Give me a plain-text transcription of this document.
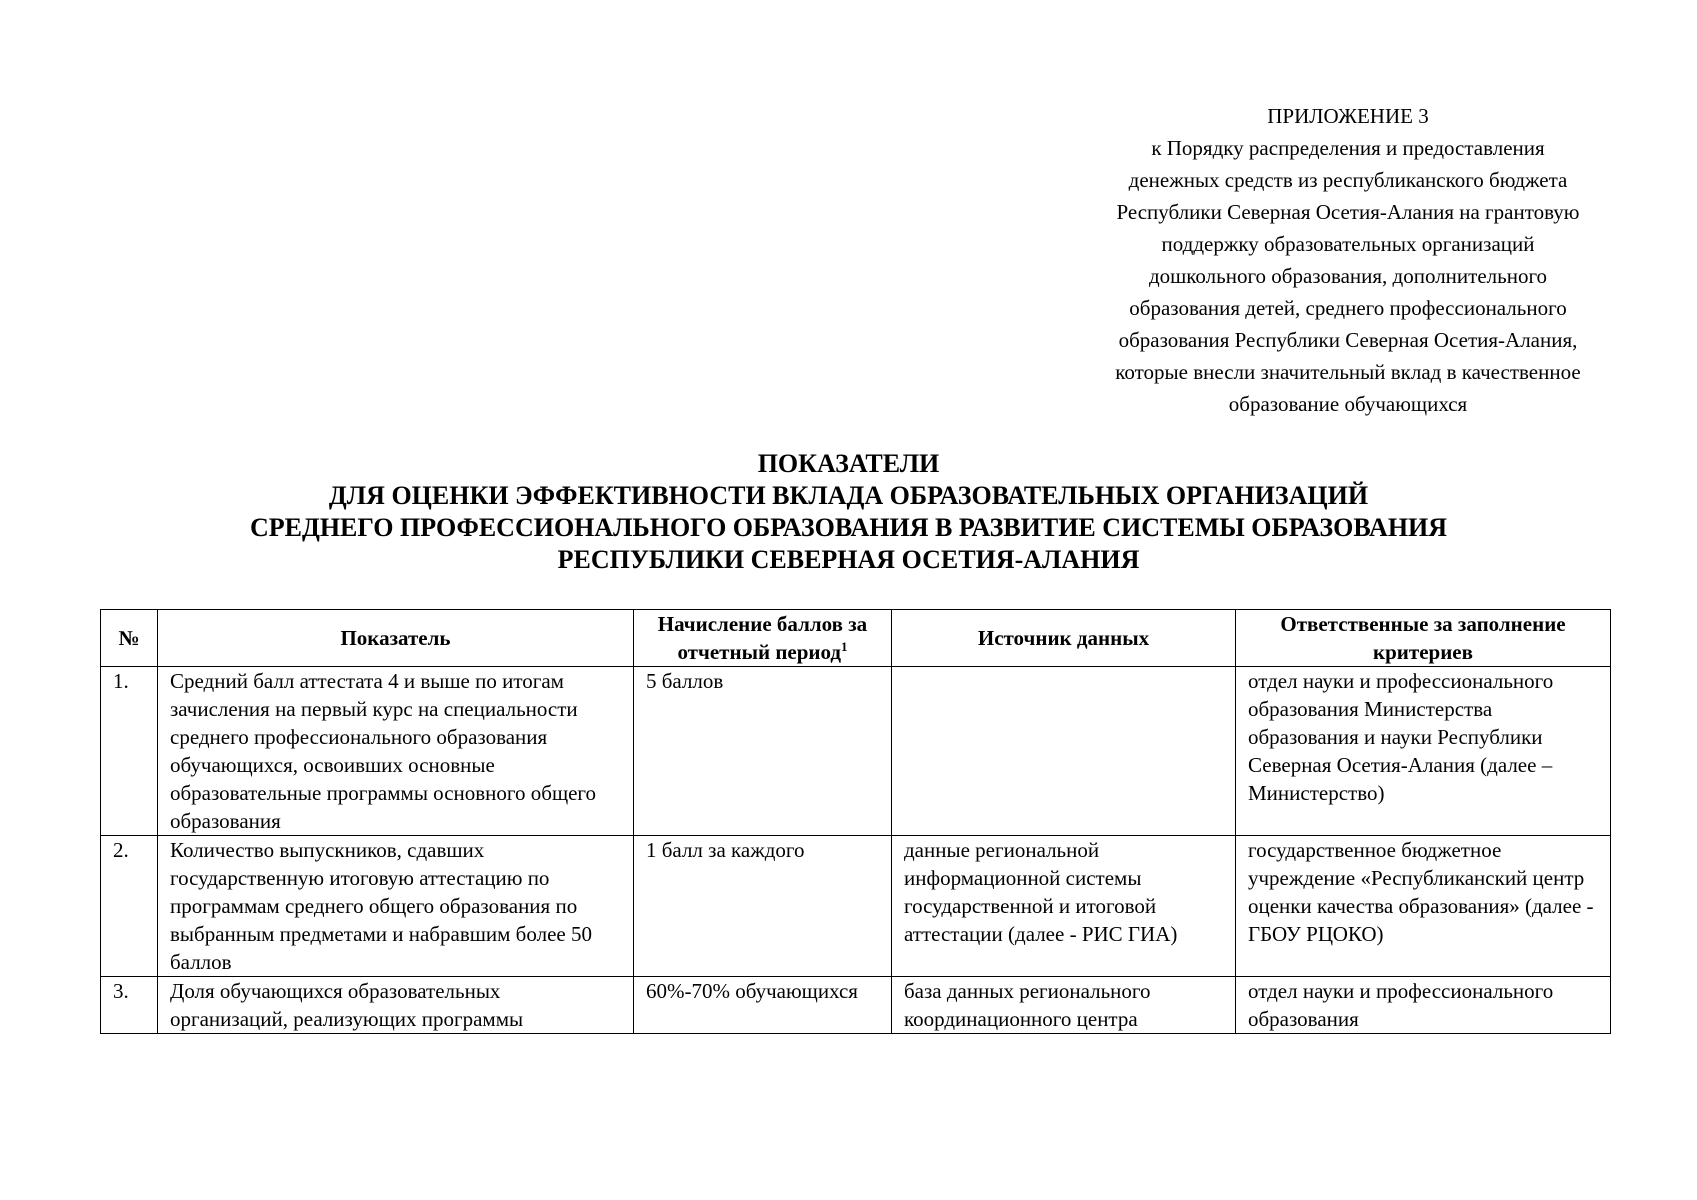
ПРИЛОЖЕНИЕ 3
к Порядку распределения и предоставления
денежных средств из республиканского бюджета
Республики Северная Осетия-Алания на грантовую
поддержку образовательных организаций
дошкольного образования, дополнительного
образования детей, среднего профессионального
образования Республики Северная Осетия-Алания,
которые внесли значительный вклад в качественное
образование обучающихся
ПОКАЗАТЕЛИ
ДЛЯ ОЦЕНКИ ЭФФЕКТИВНОСТИ ВКЛАДА ОБРАЗОВАТЕЛЬНЫХ ОРГАНИЗАЦИЙ
СРЕДНЕГО ПРОФЕССИОНАЛЬНОГО ОБРАЗОВАНИЯ В РАЗВИТИЕ СИСТЕМЫ ОБРАЗОВАНИЯ
РЕСПУБЛИКИ СЕВЕРНАЯ ОСЕТИЯ-АЛАНИЯ
№	Показатель	Начисление баллов за отчетный период$^1$	Источник данных	Ответственные за заполнение критериев
1.	Средний балл аттестата 4 и выше по итогам зачисления на первый курс на специальности среднего профессионального образования обучающихся, освоивших основные образовательные программы основного общего образования	5 баллов		отдел науки и профессионального образования Министерства образования и науки Республики Северная Осетия-Алания (далее – Министерство)
2.	Количество выпускников, сдавших государственную итоговую аттестацию по программам среднего общего образования по выбранным предметами и набравшим более 50 баллов	1 балл за каждого	данные региональной информационной системы государственной и итоговой аттестации (далее - РИС ГИА)	государственное бюджетное учреждение «Республиканский центр оценки качества образования» (далее - ГБОУ РЦОКО)
3.	Доля обучающихся образовательных организаций, реализующих программы	60%-70% обучающихся	база данных регионального координационного центра	отдел науки и профессионального образования
